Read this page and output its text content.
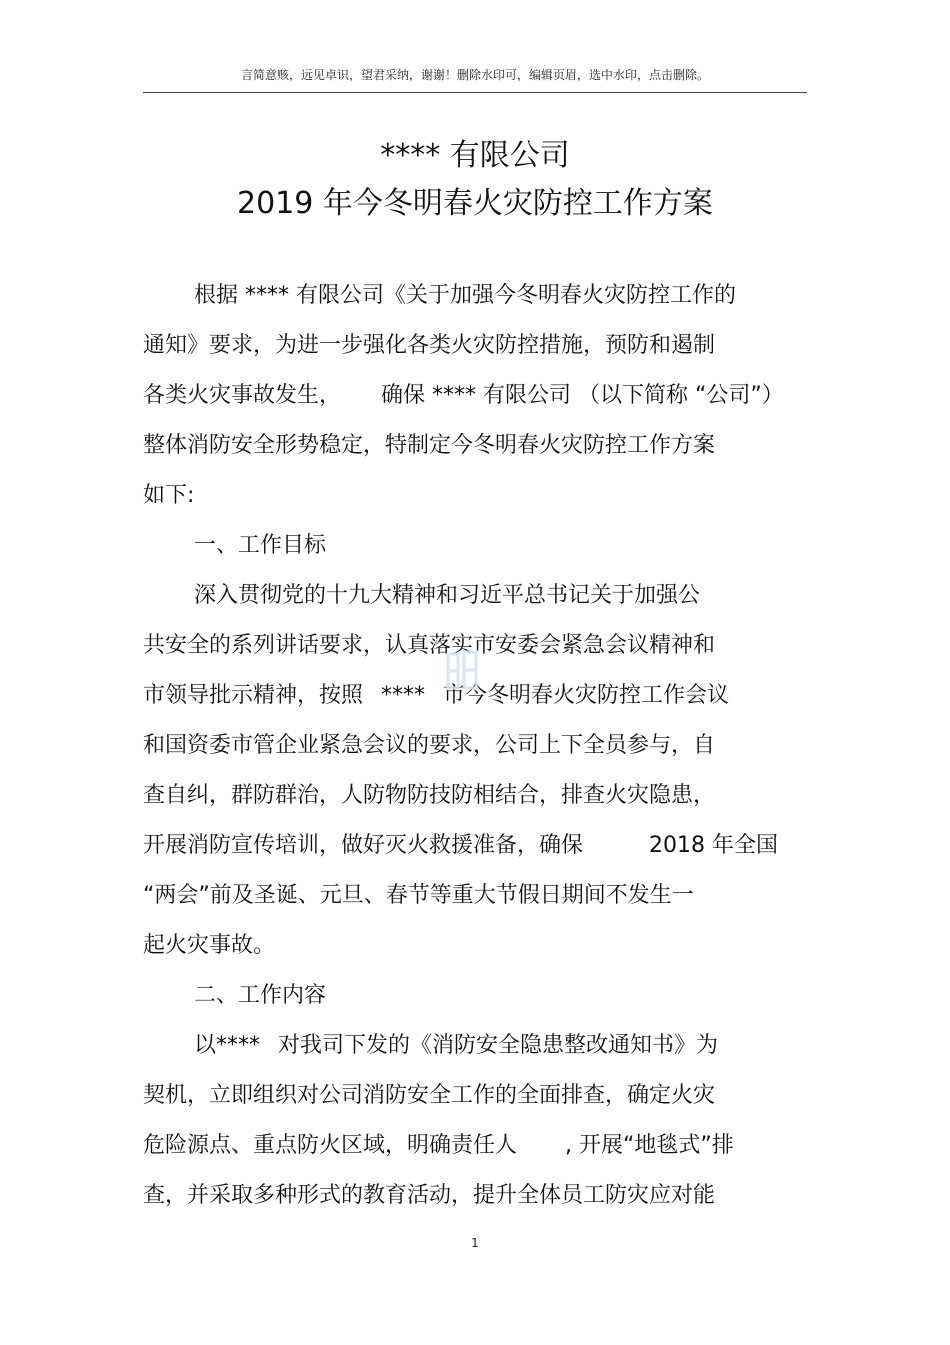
言简意赅，远见卓识，望君采纳，谢谢！删除水印可，编辑页眉，选中水印，点击删除。
**** 有限公司
2019 年今冬明春火灾防控工作方案
根据 **** 有限公司《关于加强今冬明春火灾防控工作的
通知》要求，为进一步强化各类火灾防控措施，预防和遏制
各类火灾事故发生， 确保 **** 有限公司 （以下简称 “公司”）
整体消防安全形势稳定，特制定今冬明春火灾防控工作方案
如下:
一、工作目标
深入贯彻党的十九大精神和习近平总书记关于加强公
共安全的系列讲话要求，认真落实市安委会紧急会议精神和
市领导批示精神，按照 **** 市今冬明春火灾防控工作会议
和国资委市管企业紧急会议的要求，公司上下全员参与，自
查自纠，群防群治，人防物防技防相结合，排查火灾隐患，
开展消防宣传培训，做好灭火救援准备，确保	2018 年全国
“两会”前及圣诞、元旦、春节等重大节假日期间不发生一
起火灾事故。
二、工作内容
以**** 对我司下发的《消防安全隐患整改通知书》为
契机，立即组织对公司消防安全工作的全面排查，确定火灾
危险源点、重点防火区域，明确责任人 , 开展“地毯式”排
查，并采取多种形式的教育活动，提升全体员工防灾应对能
1
